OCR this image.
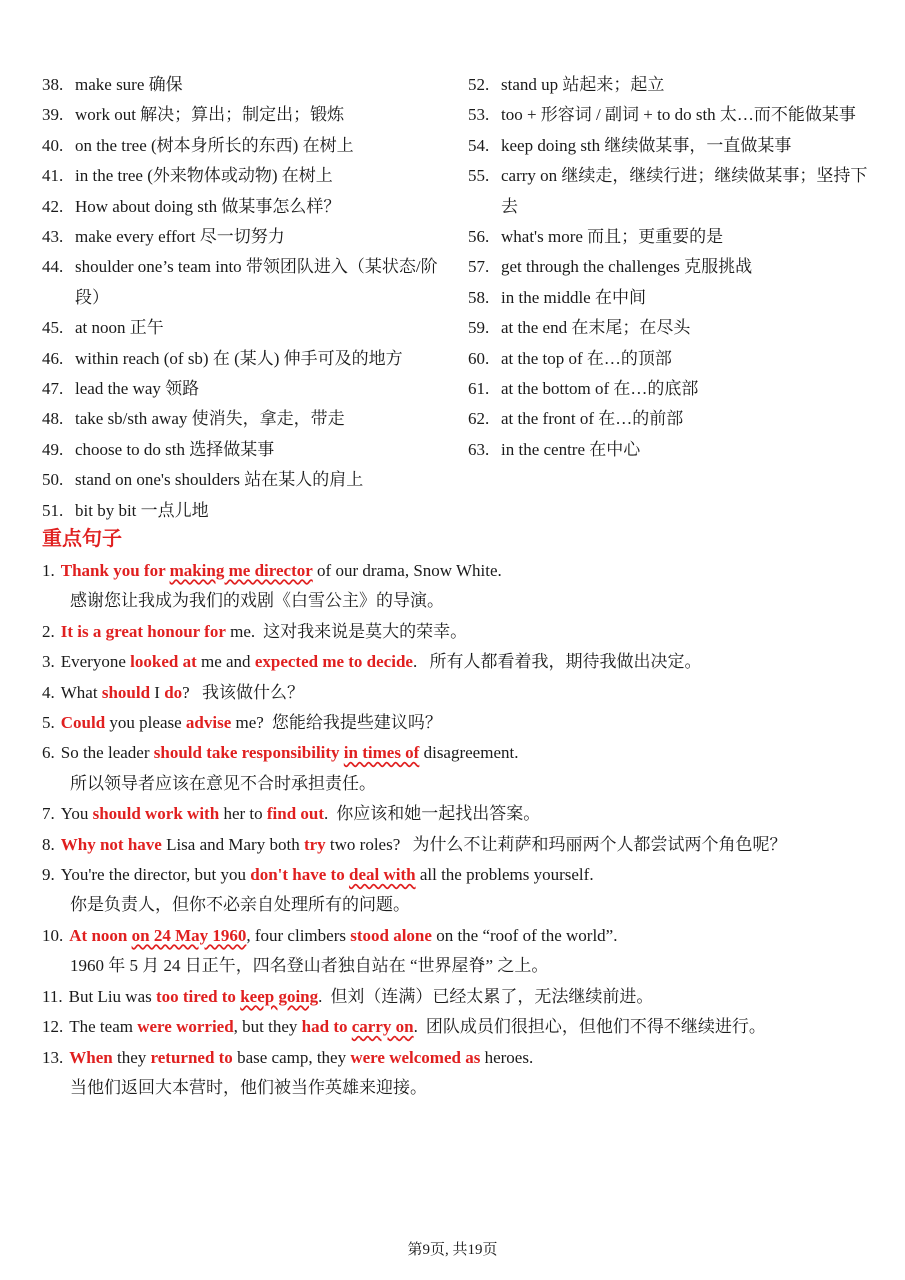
38. make sure 确保
39. work out 解决；算出；制定出；锻炼
40. on the tree (树本身所长的东西) 在树上
41. in the tree (外来物体或动物) 在树上
42. How about doing sth 做某事怎么样？
43. make every effort 尽一切努力
44. shoulder one’s team into 带领团队进入（某状态/阶段）
45. at noon 正午
46. within reach (of sb) 在 (某人) 伸手可及的地方
47. lead the way 领路
48. take sb/sth away 使消失，拿走，带走
49. choose to do sth 选择做某事
50. stand on one's shoulders 站在某人的肩上
51. bit by bit 一点儿地
52. stand up 站起来；起立
53. too + 形容词 / 副词 + to do sth 太…而不能做某事
54. keep doing sth 继续做某事，一直做某事
55. carry on 继续走，继续行进；继续做某事；坚持下去
56. what's more 而且；更重要的是
57. get through the challenges 克服挑战
58. in the middle 在中间
59. at the end 在末尾；在尽头
60. at the top of 在…的顶部
61. at the bottom of 在…的底部
62. at the front of 在…的前部
63. in the centre 在中心
重点句子
1. Thank you for making me director of our drama, Snow White.
感谢您让我成为我们的戏剧《白雪公主》的导演。
2. It is a great honour for me. 这对我来说是莫大的荣幸。
3. Everyone looked at me and expected me to decide. 所有人都看着我，期待我做出决定。
4. What should I do? 我该做什么？
5. Could you please advise me? 您能给我提些建议吗？
6. So the leader should take responsibility in times of disagreement.
所以领导者应该在意见不合时承担责任。
7. You should work with her to find out. 你应该和她一起找出答案。
8. Why not have Lisa and Mary both try two roles? 为什么不让莉萨和玛丽两个人都尝试两个角色呢？
9. You're the director, but you don't have to deal with all the problems yourself.
你是负责人，但你不必亲自处理所有的问题。
10. At noon on 24 May 1960, four climbers stood alone on the “roof of the world”.
1960 年 5 月 24 日正午，四名登山者独自站在 “世界屋脊” 之上。
11. But Liu was too tired to keep going. 但刘（连满）已经太累了，无法继续前进。
12. The team were worried, but they had to carry on. 团队成员们很担心，但他们不得不继续进行。
13. When they returned to base camp, they were welcomed as heroes.
当他们返回大本营时，他们被当作英雄来迎接。
第9页, 共19页
